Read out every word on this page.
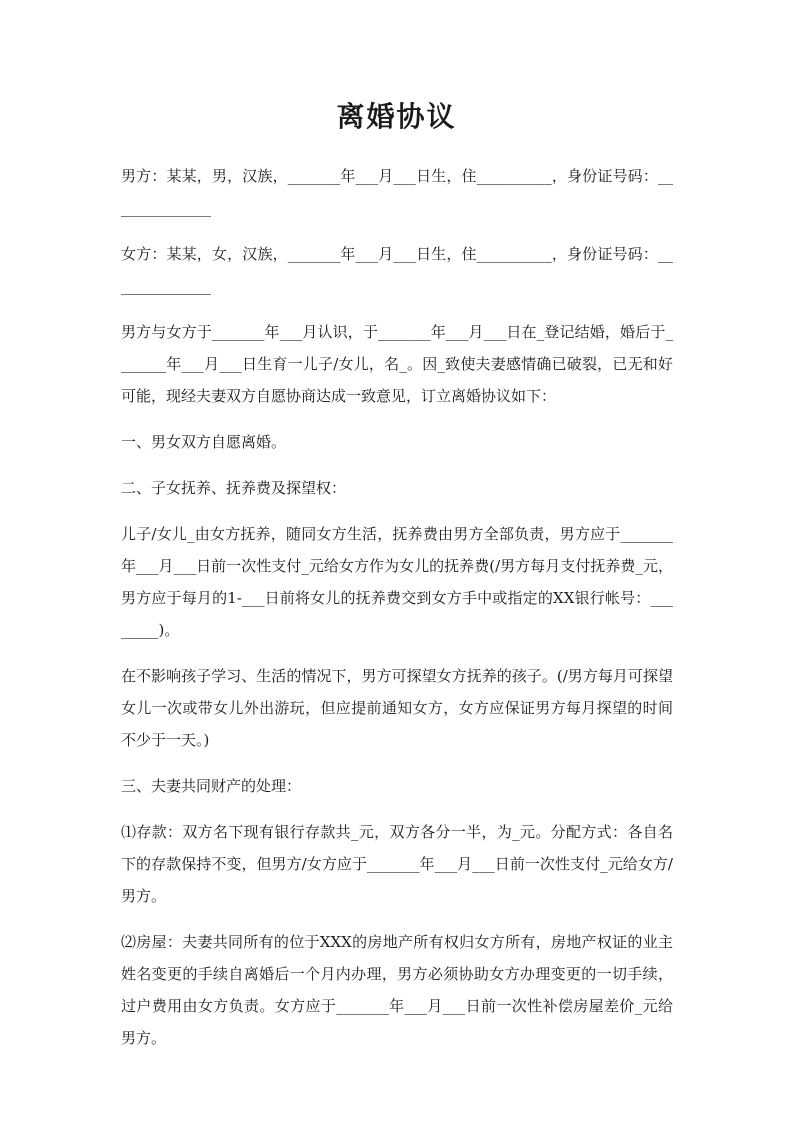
离婚协议

男方：某某，男，汉族，_______年___月___日生，住__________，身份证号码：______________

女方：某某，女，汉族，_______年___月___日生，住__________，身份证号码：______________

男方与女方于_______年___月认识，于_______年___月___日在_登记结婚，婚后于_______年___月___日生育一儿子/女儿，名_。因_致使夫妻感情确已破裂，已无和好可能，现经夫妻双方自愿协商达成一致意见，订立离婚协议如下：

一、男女双方自愿离婚。

二、子女抚养、抚养费及探望权：

儿子/女儿_由女方抚养，随同女方生活，抚养费由男方全部负责，男方应于_______年___月___日前一次性支付_元给女方作为女儿的抚养费(/男方每月支付抚养费_元，男方应于每月的1-___日前将女儿的抚养费交到女方手中或指定的XX银行帐号：________)。

在不影响孩子学习、生活的情况下，男方可探望女方抚养的孩子。(/男方每月可探望女儿一次或带女儿外出游玩，但应提前通知女方，女方应保证男方每月探望的时间不少于一天。)

三、夫妻共同财产的处理：

⑴存款：双方名下现有银行存款共_元，双方各分一半，为_元。分配方式：各自名下的存款保持不变，但男方/女方应于_______年___月___日前一次性支付_元给女方/男方。

⑵房屋：夫妻共同所有的位于XXX的房地产所有权归女方所有，房地产权证的业主姓名变更的手续自离婚后一个月内办理，男方必须协助女方办理变更的一切手续，过户费用由女方负责。女方应于_______年___月___日前一次性补偿房屋差价_元给男方。
